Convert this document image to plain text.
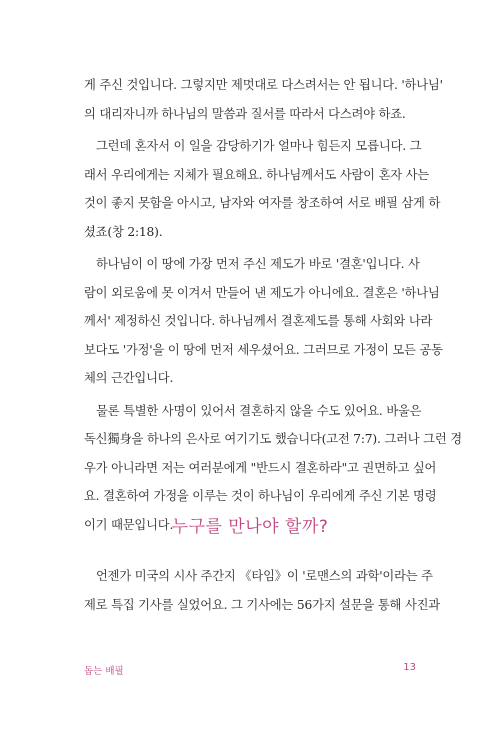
게 주신 것입니다. 그렇지만 제멋대로 다스려서는 안 됩니다. '하나님'
의 대리자니까 하나님의 말씀과 질서를 따라서 다스려야 하죠.

그런데 혼자서 이 일을 감당하기가 얼마나 힘든지 모릅니다. 그
래서 우리에게는 지체가 필요해요. 하나님께서도 사람이 혼자 사는
것이 좋지 못함을 아시고, 남자와 여자를 창조하여 서로 배필 삼게 하
셨죠(창 2:18).

하나님이 이 땅에 가장 먼저 주신 제도가 바로 '결혼'입니다. 사
람이 외로움에 못 이겨서 만들어 낸 제도가 아니에요. 결혼은 '하나님
께서' 제정하신 것입니다. 하나님께서 결혼제도를 통해 사회와 나라
보다도 '가정'을 이 땅에 먼저 세우셨어요. 그러므로 가정이 모든 공동
체의 근간입니다.

물론 특별한 사명이 있어서 결혼하지 않을 수도 있어요. 바울은
독신獨身을 하나의 은사로 여기기도 했습니다(고전 7:7). 그러나 그런 경
우가 아니라면 저는 여러분에게 "반드시 결혼하라"고 권면하고 싶어
요. 결혼하여 가정을 이루는 것이 하나님이 우리에게 주신 기본 명령
이기 때문입니다.

누구를 만나야 할까?

언젠가 미국의 시사 주간지 《타임》이 '로맨스의 과학'이라는 주
제로 특집 기사를 실었어요. 그 기사에는 56가지 설문을 통해 사진과

돕는 배필	13
